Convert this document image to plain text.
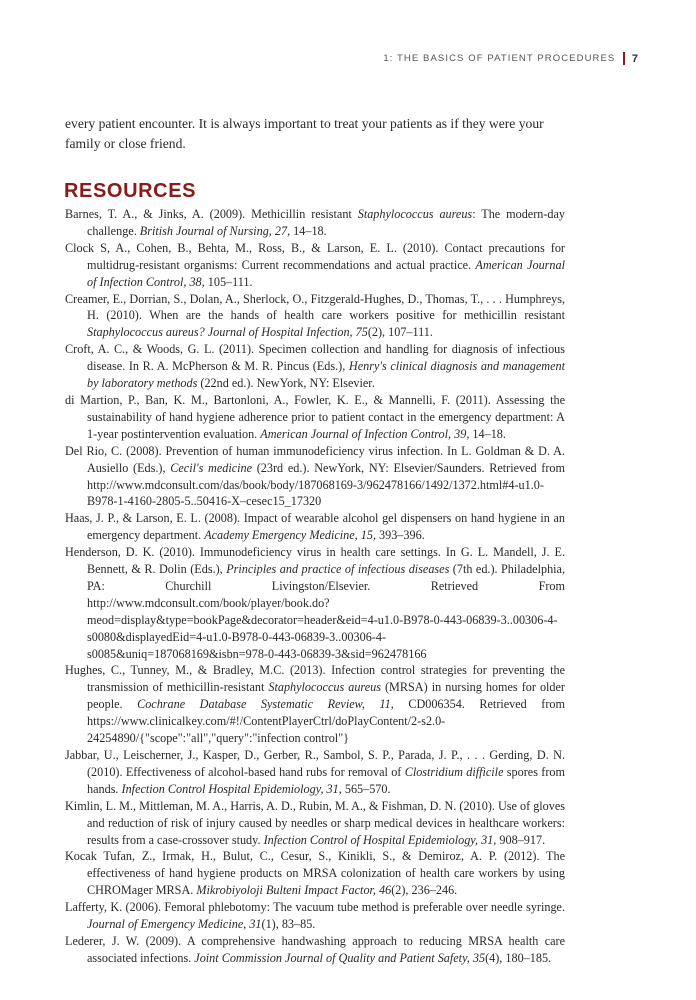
1: THE BASICS OF PATIENT PROCEDURES 7

every patient encounter. It is always important to treat your patients as if they were your family or close friend.

RESOURCES
Barnes, T. A., & Jinks, A. (2009). Methicillin resistant Staphylococcus aureus: The modern-day challenge. British Journal of Nursing, 27, 14–18.
Clock S, A., Cohen, B., Behta, M., Ross, B., & Larson, E. L. (2010). Contact precautions for multidrug-resistant organisms: Current recommendations and actual practice. American Journal of Infection Control, 38, 105–111.
Creamer, E., Dorrian, S., Dolan, A., Sherlock, O., Fitzgerald-Hughes, D., Thomas, T., . . . Humphreys, H. (2010). When are the hands of health care workers positive for methicillin resistant Staphylococcus aureus? Journal of Hospital Infection, 75(2), 107–111.
Croft, A. C., & Woods, G. L. (2011). Specimen collection and handling for diagnosis of infectious disease. In R. A. McPherson & M. R. Pincus (Eds.), Henry's clinical diagnosis and management by laboratory methods (22nd ed.). NewYork, NY: Elsevier.
di Martion, P., Ban, K. M., Bartonloni, A., Fowler, K. E., & Mannelli, F. (2011). Assessing the sustainability of hand hygiene adherence prior to patient contact in the emergency department: A 1-year postintervention evaluation. American Journal of Infection Control, 39, 14–18.
Del Rio, C. (2008). Prevention of human immunodeficiency virus infection. In L. Goldman & D. A. Ausiello (Eds.), Cecil's medicine (23rd ed.). NewYork, NY: Elsevier/Saunders. Retrieved from http://www.mdconsult.com/das/book/body/187068169-3/962478166/1492/1372.html#4-u1.0-B978-1-4160-2805-5..50416-X–cesec15_17320
Haas, J. P., & Larson, E. L. (2008). Impact of wearable alcohol gel dispensers on hand hygiene in an emergency department. Academy Emergency Medicine, 15, 393–396.
Henderson, D. K. (2010). Immunodeficiency virus in health care settings. In G. L. Mandell, J. E. Bennett, & R. Dolin (Eds.), Principles and practice of infectious diseases (7th ed.). Philadelphia, PA: Churchill Livingston/Elsevier. Retrieved From http://www.mdconsult.com/book/player/book.do?meod=display&type=bookPage&decorator=header&eid=4-u1.0-B978-0-443-06839-3..00306-4-s0080&displayedEid=4-u1.0-B978-0-443-06839-3..00306-4-s0085&uniq=187068169&isbn=978-0-443-06839-3&sid=962478166
Hughes, C., Tunney, M., & Bradley, M.C. (2013). Infection control strategies for preventing the transmission of methicillin-resistant Staphylococcus aureus (MRSA) in nursing homes for older people. Cochrane Database Systematic Review, 11, CD006354. Retrieved from https://www.clinicalkey.com/#!/ContentPlayerCtrl/doPlayContent/2-s2.0-24254890/{"scope":"all","query":"infection control"}
Jabbar, U., Leischerner, J., Kasper, D., Gerber, R., Sambol, S. P., Parada, J. P., . . . Gerding, D. N. (2010). Effectiveness of alcohol-based hand rubs for removal of Clostridium difficile spores from hands. Infection Control Hospital Epidemiology, 31, 565–570.
Kimlin, L. M., Mittleman, M. A., Harris, A. D., Rubin, M. A., & Fishman, D. N. (2010). Use of gloves and reduction of risk of injury caused by needles or sharp medical devices in healthcare workers: results from a case-crossover study. Infection Control of Hospital Epidemiology, 31, 908–917.
Kocak Tufan, Z., Irmak, H., Bulut, C., Cesur, S., Kinikli, S., & Demiroz, A. P. (2012). The effectiveness of hand hygiene products on MRSA colonization of health care workers by using CHROMager MRSA. Mikrobiyoloji Bulteni Impact Factor, 46(2), 236–246.
Lafferty, K. (2006). Femoral phlebotomy: The vacuum tube method is preferable over needle syringe. Journal of Emergency Medicine, 31(1), 83–85.
Lederer, J. W. (2009). A comprehensive handwashing approach to reducing MRSA health care associated infections. Joint Commission Journal of Quality and Patient Safety, 35(4), 180–185.
